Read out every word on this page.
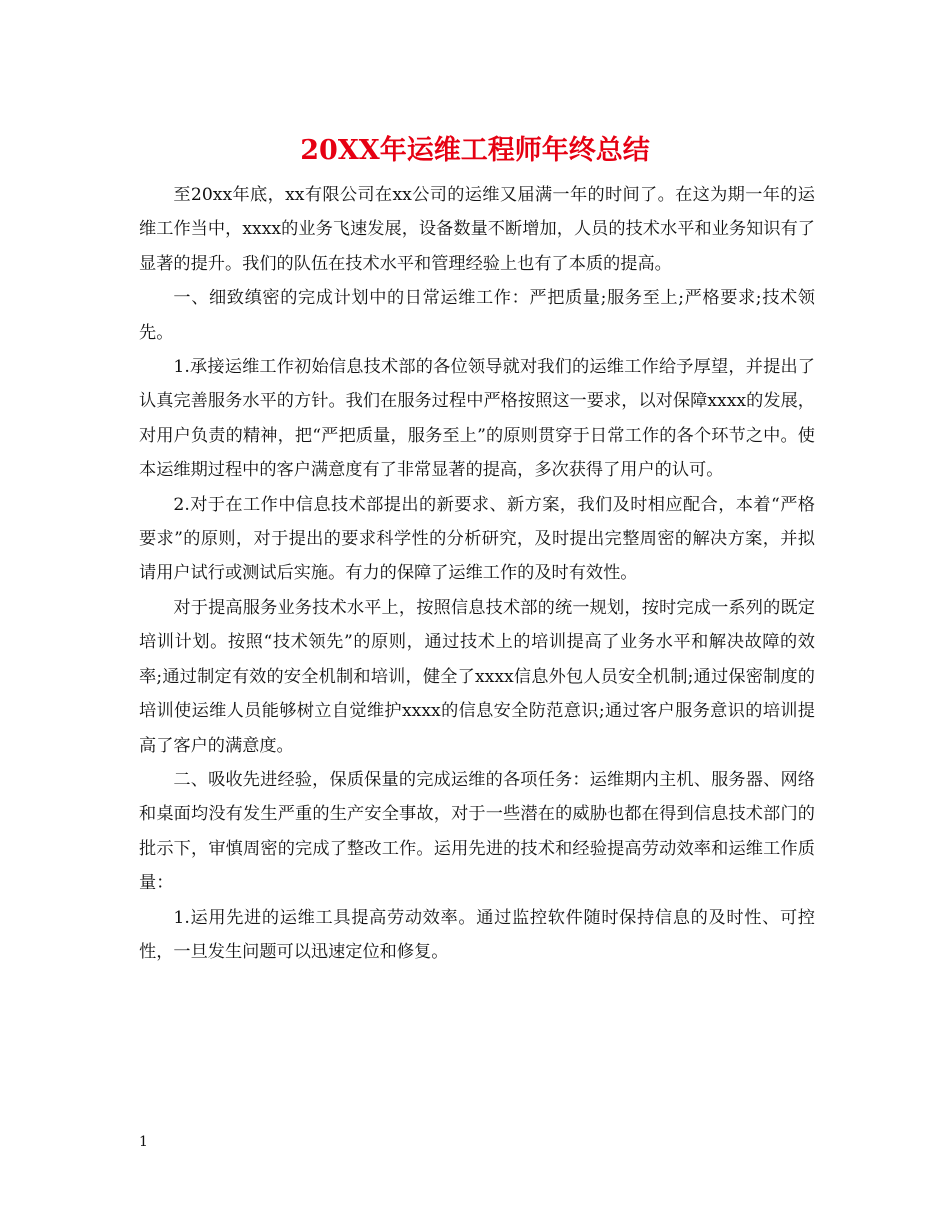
20XX年运维工程师年终总结

至20xx年底，xx有限公司在xx公司的运维又届满一年的时间了。在这为期一年的运维工作当中，xxxx的业务飞速发展，设备数量不断增加，人员的技术水平和业务知识有了显著的提升。我们的队伍在技术水平和管理经验上也有了本质的提高。

一、细致缜密的完成计划中的日常运维工作：严把质量;服务至上;严格要求;技术领先。

1.承接运维工作初始信息技术部的各位领导就对我们的运维工作给予厚望，并提出了认真完善服务水平的方针。我们在服务过程中严格按照这一要求，以对保障xxxx的发展，对用户负责的精神，把“严把质量，服务至上”的原则贯穿于日常工作的各个环节之中。使本运维期过程中的客户满意度有了非常显著的提高，多次获得了用户的认可。

2.对于在工作中信息技术部提出的新要求、新方案，我们及时相应配合，本着“严格要求”的原则，对于提出的要求科学性的分析研究，及时提出完整周密的解决方案，并拟请用户试行或测试后实施。有力的保障了运维工作的及时有效性。

对于提高服务业务技术水平上，按照信息技术部的统一规划，按时完成一系列的既定培训计划。按照“技术领先”的原则，通过技术上的培训提高了业务水平和解决故障的效率;通过制定有效的安全机制和培训，健全了xxxx信息外包人员安全机制;通过保密制度的培训使运维人员能够树立自觉维护xxxx的信息安全防范意识;通过客户服务意识的培训提高了客户的满意度。

二、吸收先进经验，保质保量的完成运维的各项任务：运维期内主机、服务器、网络和桌面均没有发生严重的生产安全事故，对于一些潜在的威胁也都在得到信息技术部门的批示下，审慎周密的完成了整改工作。运用先进的技术和经验提高劳动效率和运维工作质量：

1.运用先进的运维工具提高劳动效率。通过监控软件随时保持信息的及时性、可控性，一旦发生问题可以迅速定位和修复。

1
